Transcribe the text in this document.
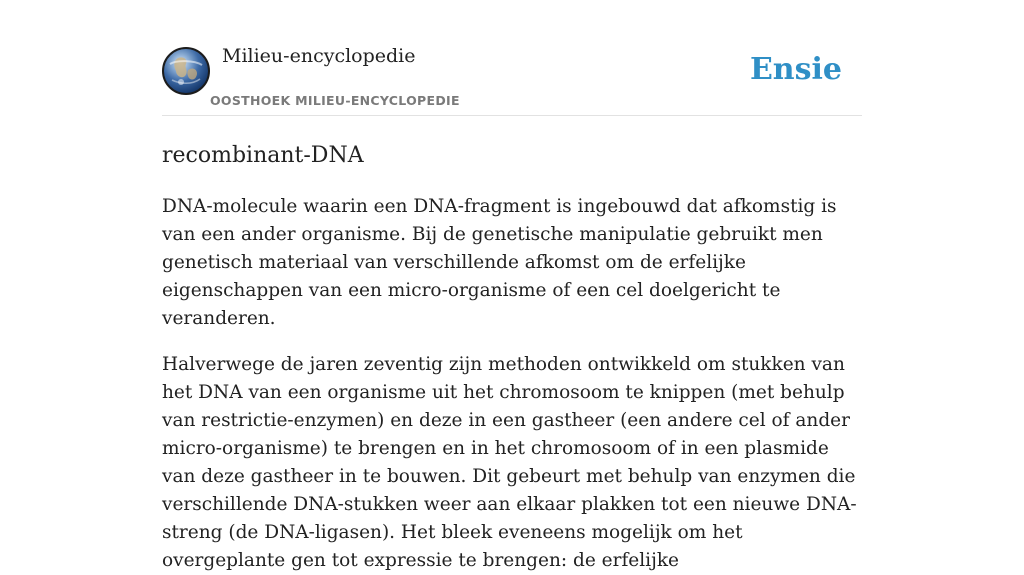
Milieu-encyclopedie
OOSTHOEK MILIEU-ENCYCLOPEDIE
Ensie
recombinant-DNA

DNA-molecule waarin een DNA-fragment is ingebouwd dat afkomstig is van een ander organisme. Bij de genetische manipulatie gebruikt men genetisch materiaal van verschillende afkomst om de erfelijke eigenschappen van een micro-organisme of een cel doelgericht te veranderen.

Halverwege de jaren zeventig zijn methoden ontwikkeld om stukken van het DNA van een organisme uit het chromosoom te knippen (met behulp van restrictie-enzymen) en deze in een gastheer (een andere cel of ander micro-organisme) te brengen en in het chromosoom of in een plasmide van deze gastheer in te bouwen. Dit gebeurt met behulp van enzymen die verschillende DNA-stukken weer aan elkaar plakken tot een nieuwe DNA-streng (de DNA-ligasen). Het bleek eveneens mogelijk om het overgeplante gen tot expressie te brengen: de erfelijke
